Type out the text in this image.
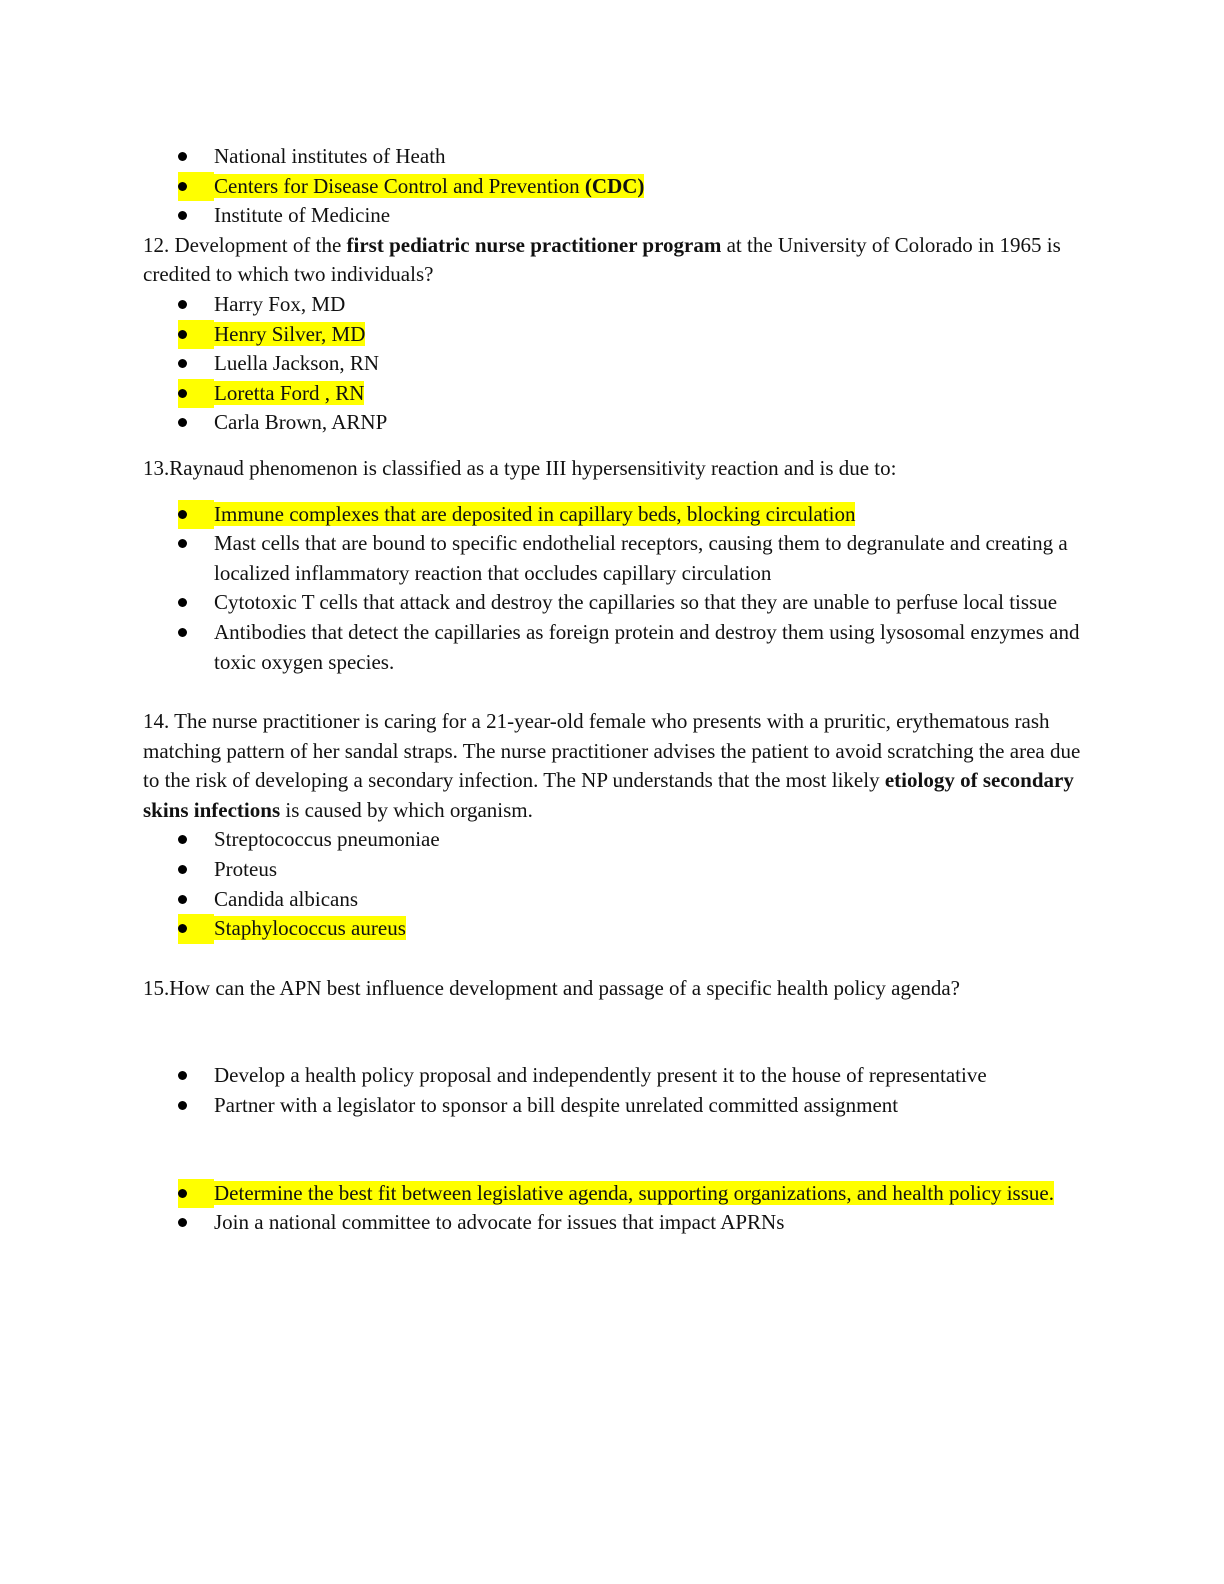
National institutes of Heath
Centers for Disease Control and Prevention (CDC)
Institute of Medicine
12. Development of the first pediatric nurse practitioner program at the University of Colorado in 1965 is credited to which two individuals?
Harry Fox, MD
Henry Silver, MD
Luella Jackson, RN
Loretta Ford , RN
Carla Brown, ARNP
13.Raynaud phenomenon is classified as a type III hypersensitivity reaction and is due to:
Immune complexes that are deposited in capillary beds, blocking circulation
Mast cells that are bound to specific endothelial receptors, causing them to degranulate and creating a localized inflammatory reaction that occludes capillary circulation
Cytotoxic T cells that attack and destroy the capillaries so that they are unable to perfuse local tissue
Antibodies that detect the capillaries as foreign protein and destroy them using lysosomal enzymes and toxic oxygen species.
14. The nurse practitioner is caring for a 21-year-old female who presents with a pruritic, erythematous rash matching pattern of her sandal straps. The nurse practitioner advises the patient to avoid scratching the area due to the risk of developing a secondary infection. The NP understands that the most likely etiology of secondary skins infections is caused by which organism.
Streptococcus pneumoniae
Proteus
Candida albicans
Staphylococcus aureus
15.How can the APN best influence development and passage of a specific health policy agenda?
Develop a health policy proposal and independently present it to the house of representative
Partner with a legislator to sponsor a bill despite unrelated committed assignment
Determine the best fit between legislative agenda, supporting organizations, and health policy issue.
Join a national committee to advocate for issues that impact APRNs
